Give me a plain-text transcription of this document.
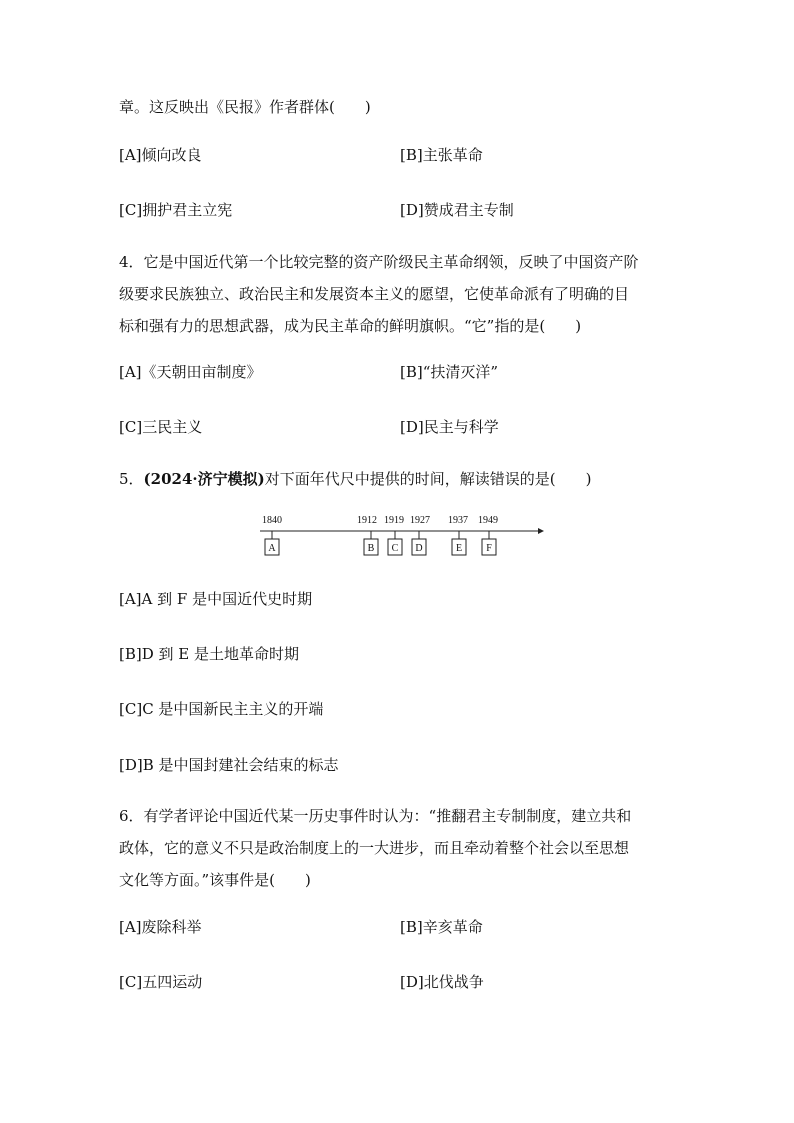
章。这反映出《民报》作者群体(　　)
[A]倾向改良	[B]主张革命
[C]拥护君主立宪	[D]赞成君主专制
4．它是中国近代第一个比较完整的资产阶级民主革命纲领，反映了中国资产阶
级要求民族独立、政治民主和发展资本主义的愿望，它使革命派有了明确的目
标和强有力的思想武器，成为民主革命的鲜明旗帜。“它”指的是(　　)
[A]《天朝田亩制度》	[B]“扶清灭洋”
[C]三民主义	[D]民主与科学
5．(2024·济宁模拟)对下面年代尺中提供的时间，解读错误的是(　　)
1840	1912 1919 1927 1937 1949
A	B C D	E F
[A]A 到 F 是中国近代史时期
[B]D 到 E 是土地革命时期
[C]C 是中国新民主主义的开端
[D]B 是中国封建社会结束的标志
6．有学者评论中国近代某一历史事件时认为：“推翻君主专制制度，建立共和
政体，它的意义不只是政治制度上的一大进步，而且牵动着整个社会以至思想
文化等方面。”该事件是(　　)
[A]废除科举	[B]辛亥革命
[C]五四运动	[D]北伐战争
